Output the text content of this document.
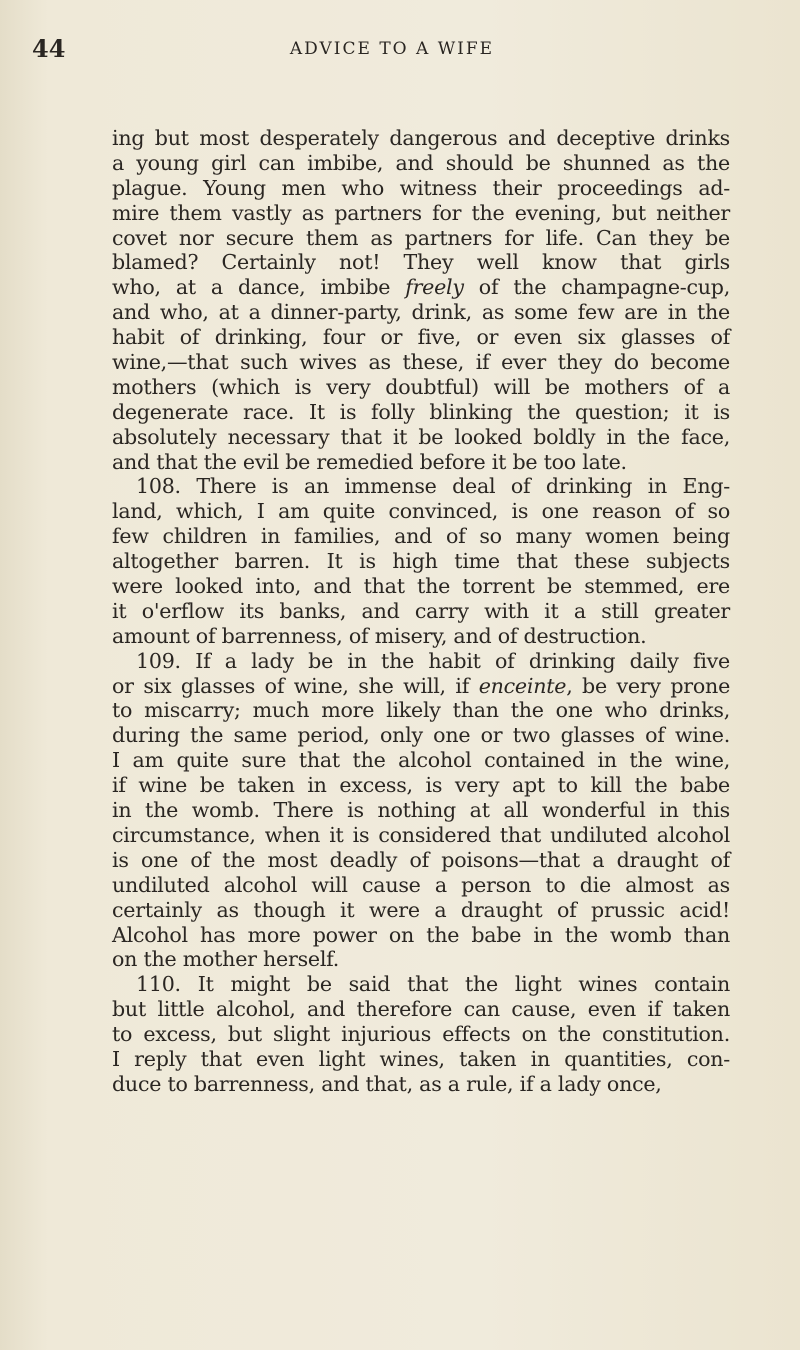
44	ADVICE TO A WIFE
ing but most desperately dangerous and deceptive drinks
a young girl can imbibe, and should be shunned as the
plague. Young men who witness their proceedings ad-
mire them vastly as partners for the evening, but neither
covet nor secure them as partners for life. Can they be
blamed? Certainly not! They well know that girls
who, at a dance, imbibe freely of the champagne-cup,
and who, at a dinner-party, drink, as some few are in the
habit of drinking, four or five, or even six glasses of
wine,—that such wives as these, if ever they do become
mothers (which is very doubtful) will be mothers of a
degenerate race. It is folly blinking the question; it is
absolutely necessary that it be looked boldly in the face,
and that the evil be remedied before it be too late.
108. There is an immense deal of drinking in Eng-
land, which, I am quite convinced, is one reason of so
few children in families, and of so many women being
altogether barren. It is high time that these subjects
were looked into, and that the torrent be stemmed, ere
it o'erflow its banks, and carry with it a still greater
amount of barrenness, of misery, and of destruction.
109. If a lady be in the habit of drinking daily five
or six glasses of wine, she will, if enceinte, be very prone
to miscarry; much more likely than the one who drinks,
during the same period, only one or two glasses of wine.
I am quite sure that the alcohol contained in the wine,
if wine be taken in excess, is very apt to kill the babe
in the womb. There is nothing at all wonderful in this
circumstance, when it is considered that undiluted alcohol
is one of the most deadly of poisons—that a draught of
undiluted alcohol will cause a person to die almost as
certainly as though it were a draught of prussic acid!
Alcohol has more power on the babe in the womb than
on the mother herself.
110. It might be said that the light wines contain
but little alcohol, and therefore can cause, even if taken
to excess, but slight injurious effects on the constitution.
I reply that even light wines, taken in quantities, con-
duce to barrenness, and that, as a rule, if a lady once,
